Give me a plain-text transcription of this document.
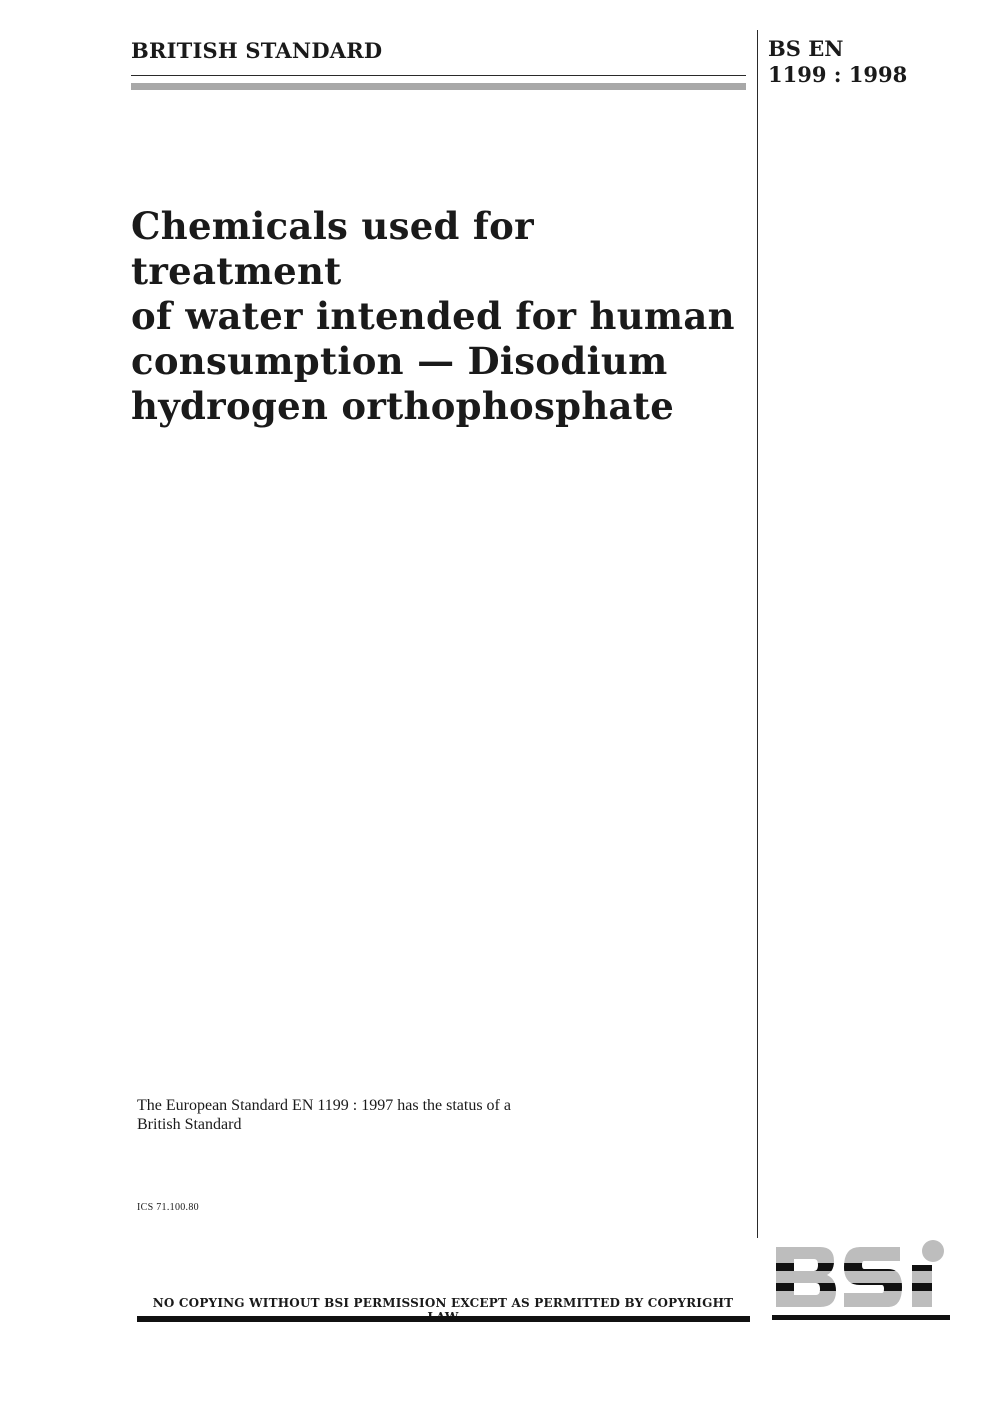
BRITISH STANDARD	BS EN
1199 : 1998
Chemicals used for treatment
of water intended for human
consumption — Disodium
hydrogen orthophosphate
The European Standard EN 1199 : 1997 has the status of a
British Standard
ICS 71.100.80
NO COPYING WITHOUT BSI PERMISSION EXCEPT AS PERMITTED BY COPYRIGHT
